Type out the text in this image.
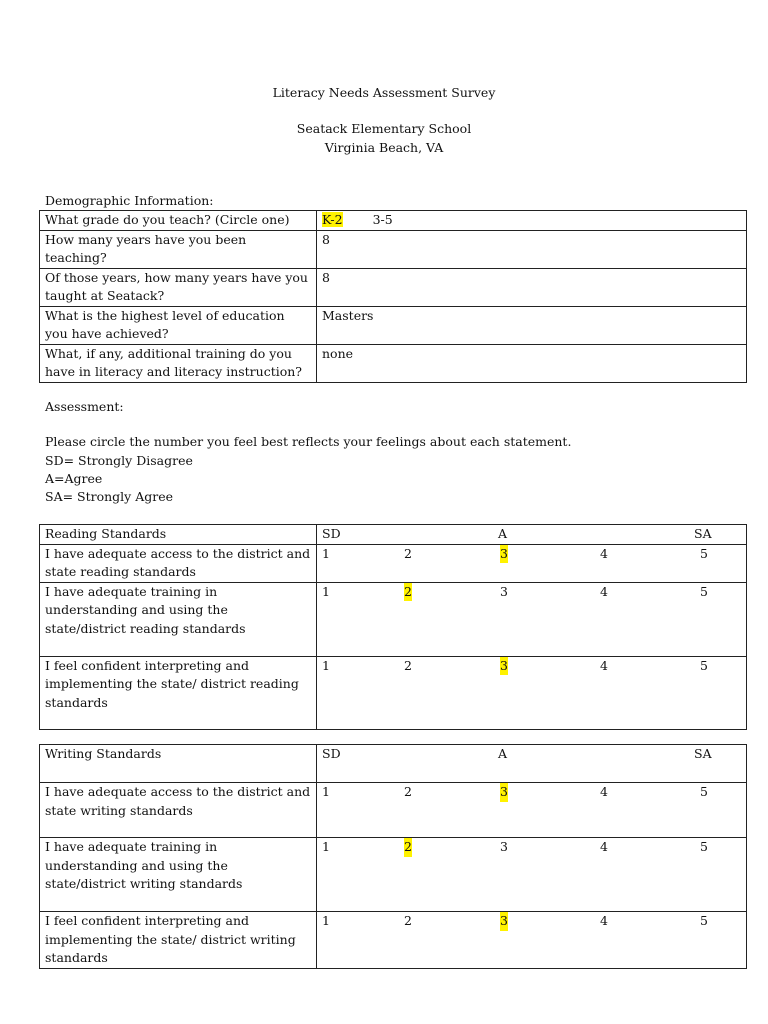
Literacy Needs Assessment Survey
Seatack Elementary School
Virginia Beach, VA
Demographic Information:
What grade do you teach? (Circle one)	K-2 3-5
How many years have you been teaching?	8
Of those years, how many years have you taught at Seatack?	8
What is the highest level of education you have achieved?	Masters
What, if any, additional training do you have in literacy and literacy instruction?	none
Assessment:
Please circle the number you feel best reflects your feelings about each statement.
SD= Strongly Disagree
A=Agree
SA= Strongly Agree
Reading Standards	SD A SA

I have adequate access to the district and state reading standards	1 2 3 4 5

I have adequate training in understanding and using the state/district reading standards	1 2 3 4 5

I feel confident interpreting and implementing the state/ district reading standards	1 2 3 4 5
Writing Standards	SD A SA

I have adequate access to the district and state writing standards	1 2 3 4 5

I have adequate training in understanding and using the state/district writing standards	1 2 3 4 5

I feel confident interpreting and implementing the state/ district writing standards	1 2 3 4 5
